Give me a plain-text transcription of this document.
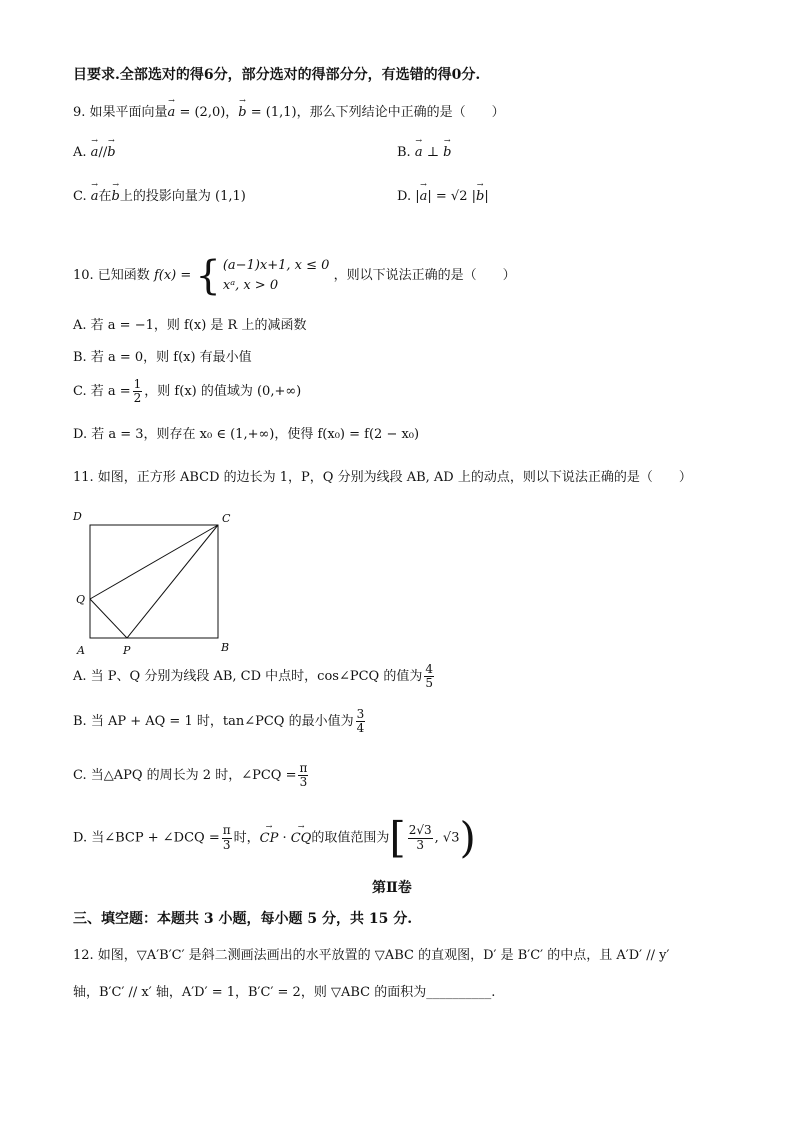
目要求.全部选对的得6分，部分选对的得部分分，有选错的得0分.
9. 如果平面向量→ a = (2,0)，→ b = (1,1)，那么下列结论中正确的是（　　）
A. → a//→ b	B. → a ⊥ → b
C. → a在→ b上的投影向量为 (1,1)	D. |→ a| = √2 |→ b|
10. 已知函数 f(x) = { (a−1)x+1, x ≤ 0
xᵃ, x > 0
，则以下说法正确的是（　　）
A. 若 a = −1，则 f(x) 是 R 上的减函数
B. 若 a = 0，则 f(x) 有最小值
C. 若 $a = \frac{1}{2}$ ，则 f(x) 的值域为 (0,+∞)
D. 若 a = 3，则存在 x₀ ∈ (1,+∞)，使得 f(x₀) = f(2 − x₀)
11. 如图，正方形 ABCD 的边长为 1，P，Q 分别为线段 AB, AD 上的动点，则以下说法正确的是（　　）
D	C
Q
A	P	B
A. 当 P、Q 分别为线段 AB, CD 中点时，cos∠PCQ 的值为 $\frac{4}{5}$
B. 当 AP + AQ = 1 时，tan∠PCQ 的最小值为 $\frac{3}{4}$
C. 当△APQ 的周长为 2 时，∠PCQ = $\frac{\pi}{3}$
D. 当∠BCP + ∠DCQ = $\frac{\pi}{3}$ 时，→ CP · → CQ的取值范围为[ $\frac{2√3}{3}$ , √3)
第Ⅱ卷
三、填空题：本题共 3 小题，每小题 5 分，共 15 分.
12. 如图，▽A′B′C′ 是斜二测画法画出的水平放置的 ▽ABC 的直观图，D′ 是 B′C′ 的中点，且 A′D′ // y′
轴，B′C′ // x′ 轴，A′D′ = 1，B′C′ = 2，则 ▽ABC 的面积为__________.
